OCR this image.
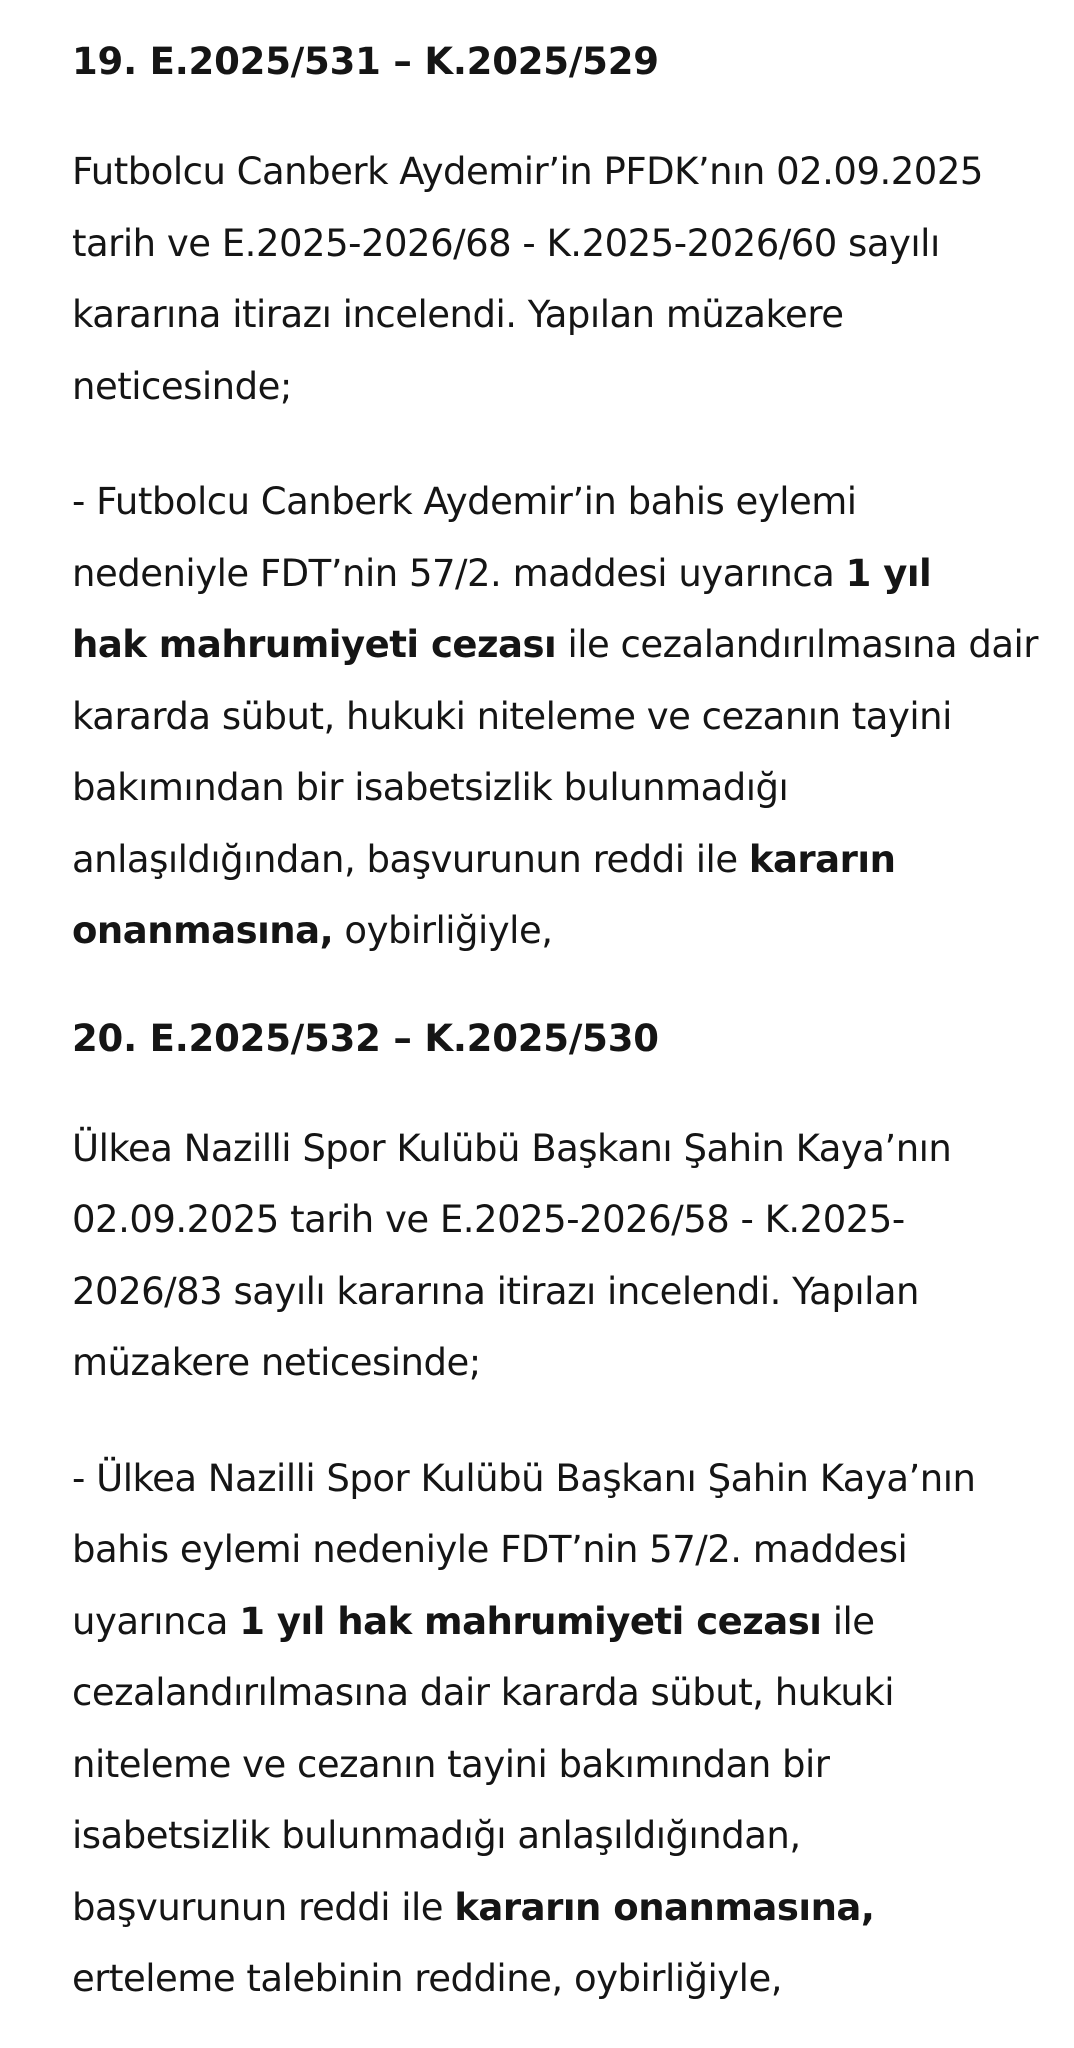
19. E.2025/531 – K.2025/529

Futbolcu Canberk Aydemir’in PFDK’nın 02.09.2025
tarih ve E.2025-2026/68 - K.2025-2026/60 sayılı
kararına itirazı incelendi. Yapılan müzakere
neticesinde;

- Futbolcu Canberk Aydemir’in bahis eylemi
nedeniyle FDT’nin 57/2. maddesi uyarınca 1 yıl
hak mahrumiyeti cezası ile cezalandırılmasına dair
kararda sübut, hukuki niteleme ve cezanın tayini
bakımından bir isabetsizlik bulunmadığı
anlaşıldığından, başvurunun reddi ile kararın
onanmasına, oybirliğiyle,

20. E.2025/532 – K.2025/530

Ülkea Nazilli Spor Kulübü Başkanı Şahin Kaya’nın
02.09.2025 tarih ve E.2025-2026/58 - K.2025-
2026/83 sayılı kararına itirazı incelendi. Yapılan
müzakere neticesinde;

- Ülkea Nazilli Spor Kulübü Başkanı Şahin Kaya’nın
bahis eylemi nedeniyle FDT’nin 57/2. maddesi
uyarınca 1 yıl hak mahrumiyeti cezası ile
cezalandırılmasına dair kararda sübut, hukuki
niteleme ve cezanın tayini bakımından bir
isabetsizlik bulunmadığı anlaşıldığından,
başvurunun reddi ile kararın onanmasına,
erteleme talebinin reddine, oybirliğiyle,
